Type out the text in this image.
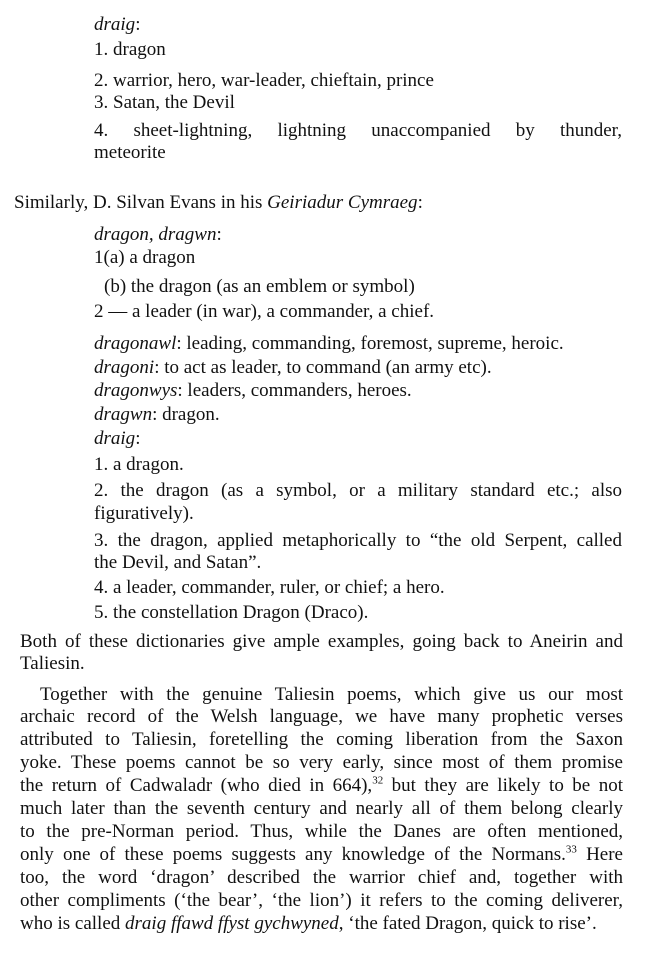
draig:
1. dragon
2. warrior, hero, war-leader, chieftain, prince
3. Satan, the Devil
4. sheet-lightning, lightning unaccompanied by thunder,
meteorite
Similarly, D. Silvan Evans in his Geiriadur Cymraeg:
dragon, dragwn:
1(a) a dragon
(b) the dragon (as an emblem or symbol)
2 — a leader (in war), a commander, a chief.
dragonawl: leading, commanding, foremost, supreme, heroic.
dragoni: to act as leader, to command (an army etc).
dragonwys: leaders, commanders, heroes.
dragwn: dragon.
draig:
1. a dragon.
2. the dragon (as a symbol, or a military standard etc.; also
figuratively).
3. the dragon, applied metaphorically to “the old Serpent, called
the Devil, and Satan”.
4. a leader, commander, ruler, or chief; a hero.
5. the constellation Dragon (Draco).
Both of these dictionaries give ample examples, going back to Aneirin and
Taliesin.
Together with the genuine Taliesin poems, which give us our most
archaic record of the Welsh language, we have many prophetic verses
attributed to Taliesin, foretelling the coming liberation from the Saxon
yoke. These poems cannot be so very early, since most of them promise
the return of Cadwaladr (who died in 664),$^{32}$ but they are likely to be not
much later than the seventh century and nearly all of them belong clearly
to the pre-Norman period. Thus, while the Danes are often mentioned,
only one of these poems suggests any knowledge of the Normans.$^{33}$ Here
too, the word ‘dragon’ described the warrior chief and, together with
other compliments (‘the bear’, ‘the lion’) it refers to the coming deliverer,
who is called draig ffawd ffyst gychwyned, ‘the fated Dragon, quick to rise’.
